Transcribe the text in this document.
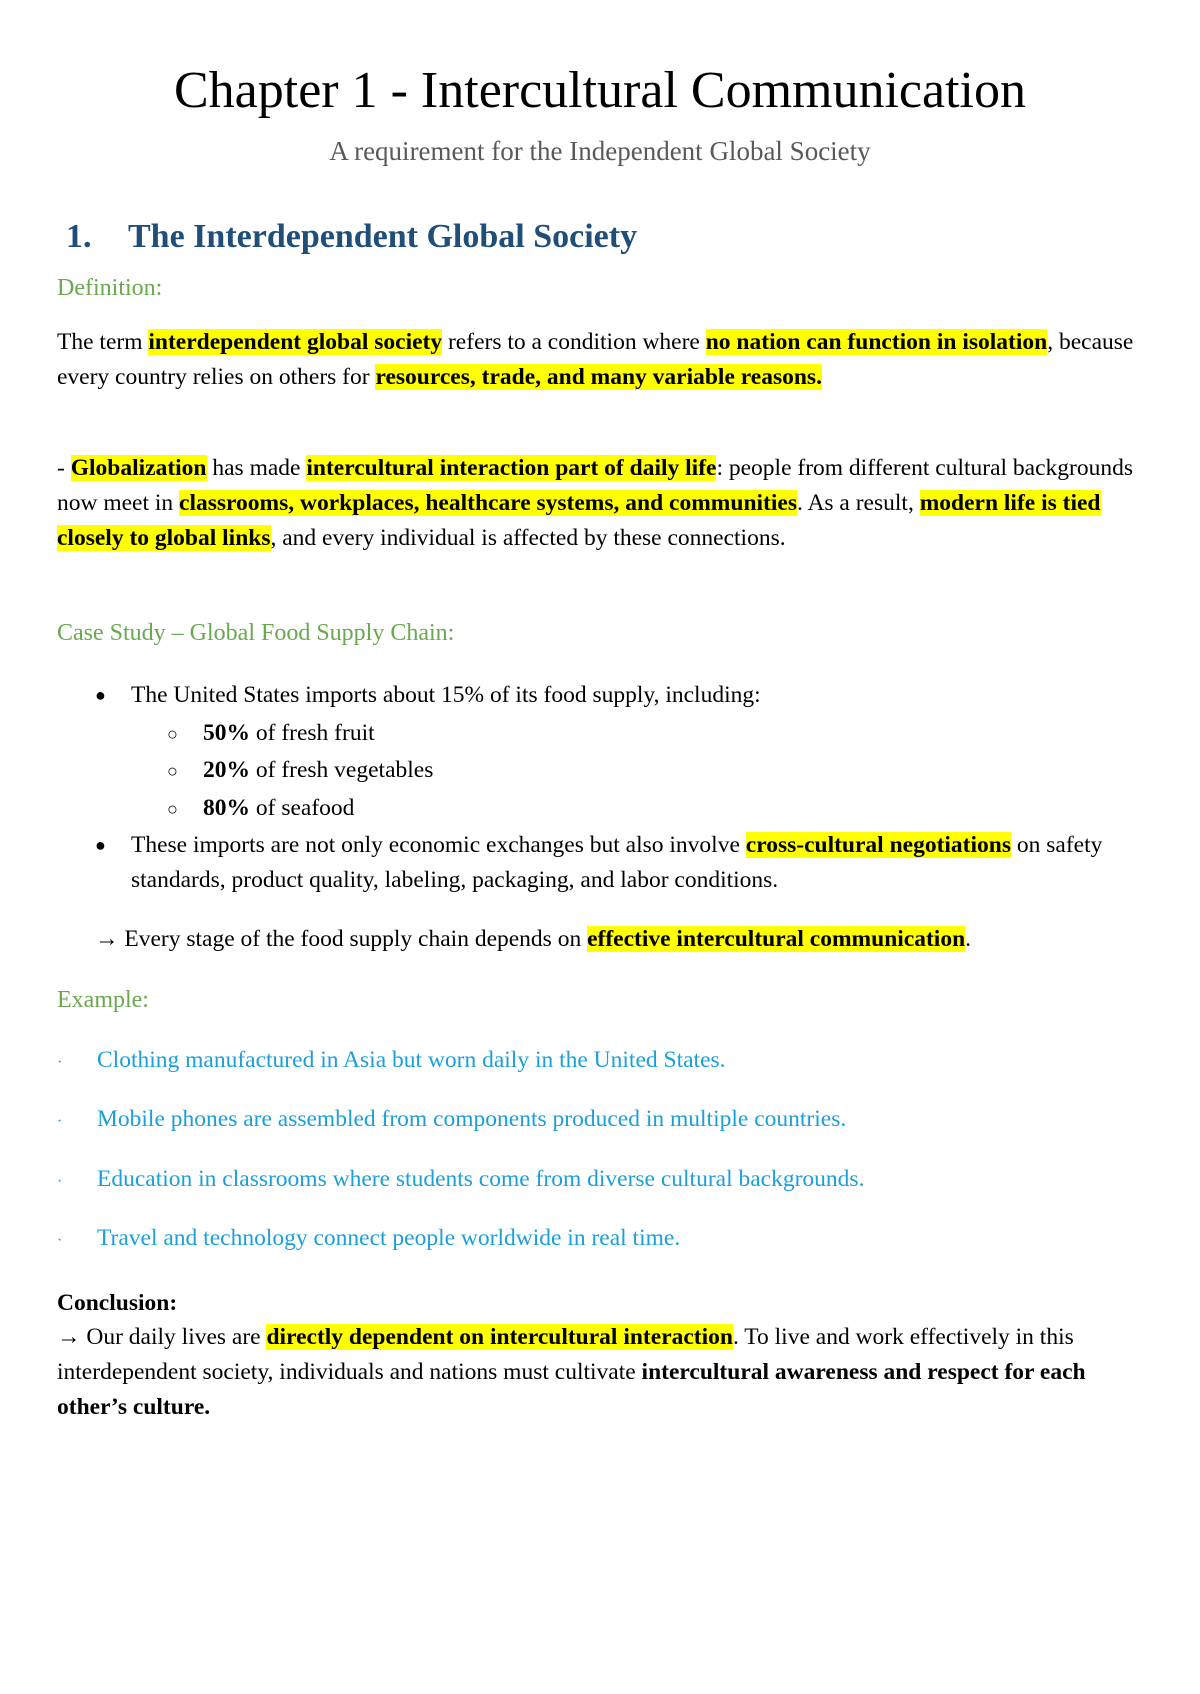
Chapter 1 - Intercultural Communication
A requirement for the Independent Global Society
1. The Interdependent Global Society
Definition:
The term interdependent global society refers to a condition where no nation can function in isolation, because every country relies on others for resources, trade, and many variable reasons.
- Globalization has made intercultural interaction part of daily life: people from different cultural backgrounds now meet in classrooms, workplaces, healthcare systems, and communities. As a result, modern life is tied closely to global links, and every individual is affected by these connections.
Case Study – Global Food Supply Chain:
●	The United States imports about 15% of its food supply, including:
○ 50% of fresh fruit
○ 20% of fresh vegetables
○ 80% of seafood
●	These imports are not only economic exchanges but also involve cross-cultural negotiations on safety standards, product quality, labeling, packaging, and labor conditions.
→ Every stage of the food supply chain depends on effective intercultural communication.
Example:
· Clothing manufactured in Asia but worn daily in the United States.
· Mobile phones are assembled from components produced in multiple countries.
· Education in classrooms where students come from diverse cultural backgrounds.
· Travel and technology connect people worldwide in real time.
Conclusion:
→ Our daily lives are directly dependent on intercultural interaction. To live and work effectively in this interdependent society, individuals and nations must cultivate intercultural awareness and respect for each other’s culture.
